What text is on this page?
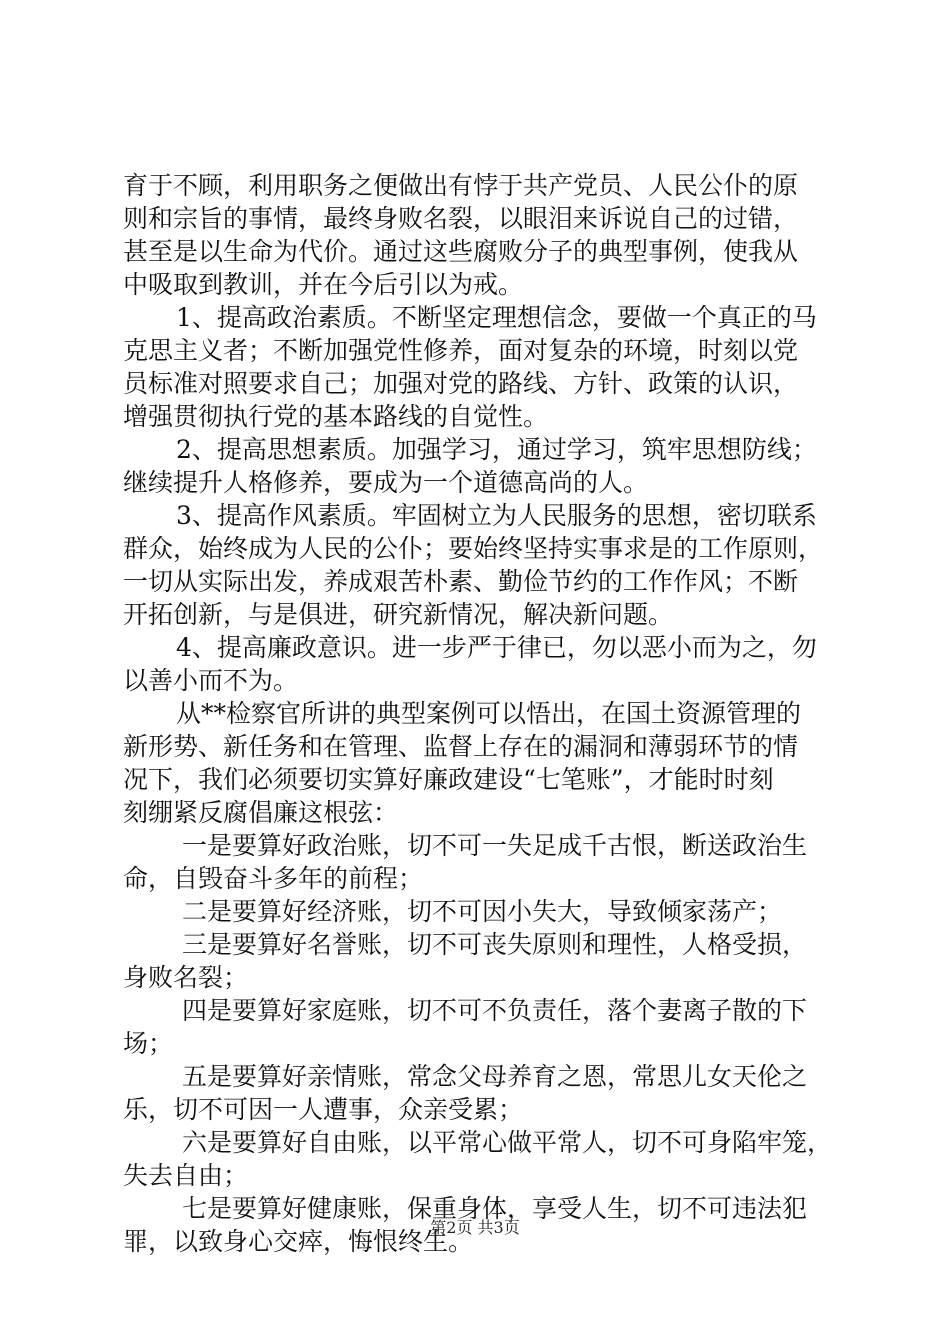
育于不顾，利用职务之便做出有悖于共产党员、人民公仆的原
则和宗旨的事情，最终身败名裂，以眼泪来诉说自己的过错，
甚至是以生命为代价。通过这些腐败分子的典型事例，使我从
中吸取到教训，并在今后引以为戒。
1、提高政治素质。不断坚定理想信念，要做一个真正的马
克思主义者；不断加强党性修养，面对复杂的环境，时刻以党
员标准对照要求自己；加强对党的路线、方针、政策的认识，
增强贯彻执行党的基本路线的自觉性。
2、提高思想素质。加强学习，通过学习，筑牢思想防线；
继续提升人格修养，要成为一个道德高尚的人。
3、提高作风素质。牢固树立为人民服务的思想，密切联系
群众，始终成为人民的公仆；要始终坚持实事求是的工作原则，
一切从实际出发，养成艰苦朴素、勤俭节约的工作作风；不断
开拓创新，与是俱进，研究新情况，解决新问题。
4、提高廉政意识。进一步严于律已，勿以恶小而为之，勿
以善小而不为。
从**检察官所讲的典型案例可以悟出，在国土资源管理的
新形势、新任务和在管理、监督上存在的漏洞和薄弱环节的情
况下，我们必须要切实算好廉政建设“七笔账”，才能时时刻
刻绷紧反腐倡廉这根弦：
一是要算好政治账，切不可一失足成千古恨，断送政治生
命，自毁奋斗多年的前程；
二是要算好经济账，切不可因小失大，导致倾家荡产；
三是要算好名誉账，切不可丧失原则和理性，人格受损，
身败名裂；
四是要算好家庭账，切不可不负责任，落个妻离子散的下
场；
五是要算好亲情账，常念父母养育之恩，常思儿女天伦之
乐，切不可因一人遭事，众亲受累；
六是要算好自由账，以平常心做平常人，切不可身陷牢笼，
失去自由；
七是要算好健康账，保重身体，享受人生，切不可违法犯
罪，以致身心交瘁，悔恨终生。
第2页 共3页
